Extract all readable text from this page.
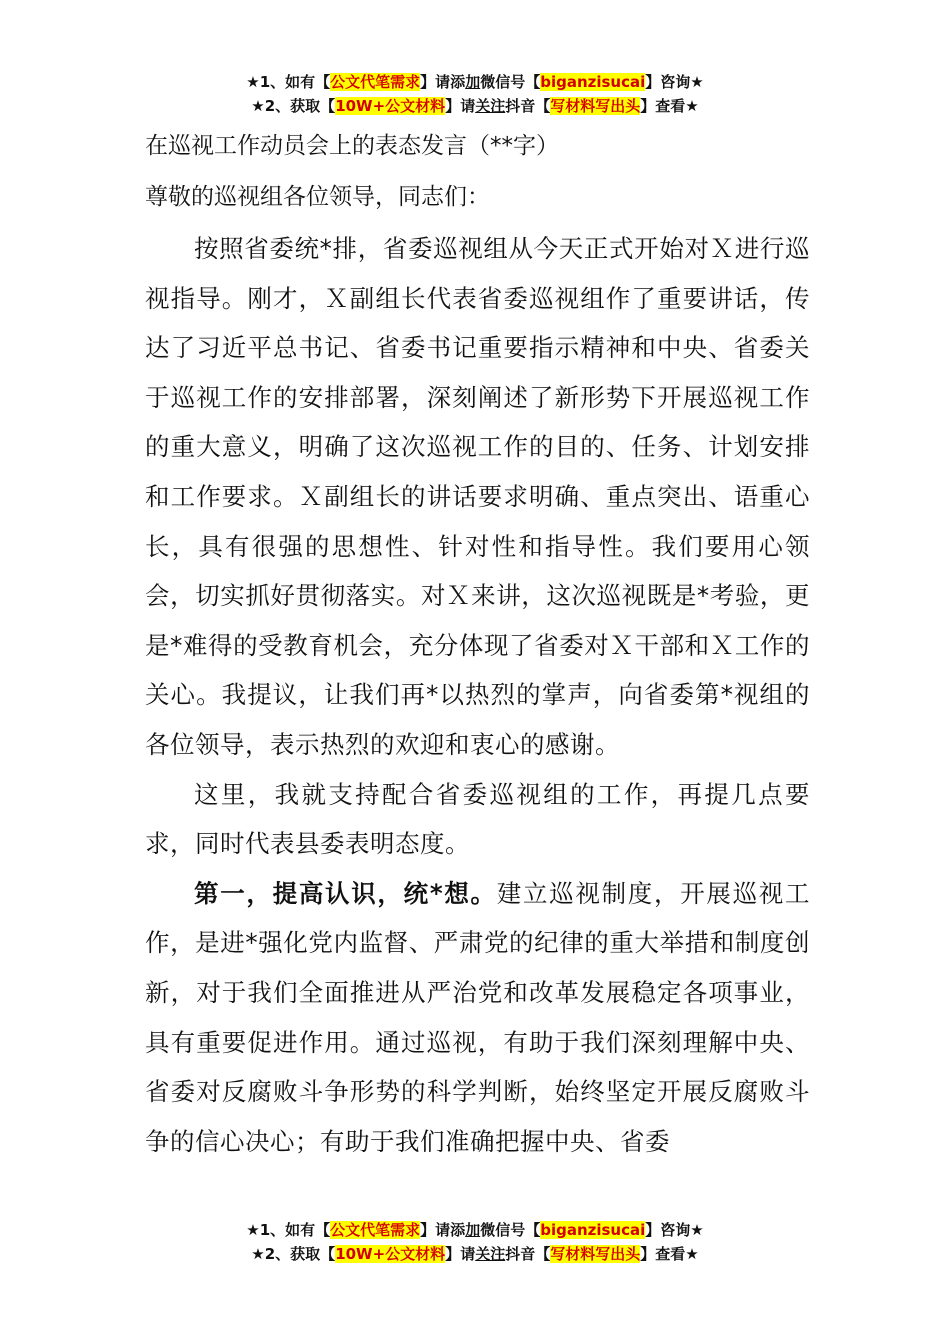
★1、如有【公文代笔需求】请添加微信号【biganzisucai】咨询★
★2、获取【10W+公文材料】请关注抖音【写材料写出头】查看★
在巡视工作动员会上的表态发言（**字）
尊敬的巡视组各位领导，同志们：

按照省委统*排，省委巡视组从今天正式开始对Ｘ进行巡视指导。刚才，Ｘ副组长代表省委巡视组作了重要讲话，传达了习近平总书记、省委书记重要指示精神和中央、省委关于巡视工作的安排部署，深刻阐述了新形势下开展巡视工作的重大意义，明确了这次巡视工作的目的、任务、计划安排和工作要求。Ｘ副组长的讲话要求明确、重点突出、语重心长，具有很强的思想性、针对性和指导性。我们要用心领会，切实抓好贯彻落实。对Ｘ来讲，这次巡视既是*考验，更是*难得的受教育机会，充分体现了省委对Ｘ干部和Ｘ工作的关心。我提议，让我们再*以热烈的掌声，向省委第*视组的各位领导，表示热烈的欢迎和衷心的感谢。

这里，我就支持配合省委巡视组的工作，再提几点要求，同时代表县委表明态度。

第一，提高认识，统*想。建立巡视制度，开展巡视工作，是进*强化党内监督、严肃党的纪律的重大举措和制度创新，对于我们全面推进从严治党和改革发展稳定各项事业，具有重要促进作用。通过巡视，有助于我们深刻理解中央、省委对反腐败斗争形势的科学判断，始终坚定开展反腐败斗争的信心决心；有助于我们准确把握中央、省委

★1、如有【公文代笔需求】请添加微信号【biganzisucai】咨询★
★2、获取【10W+公文材料】请关注抖音【写材料写出头】查看★
